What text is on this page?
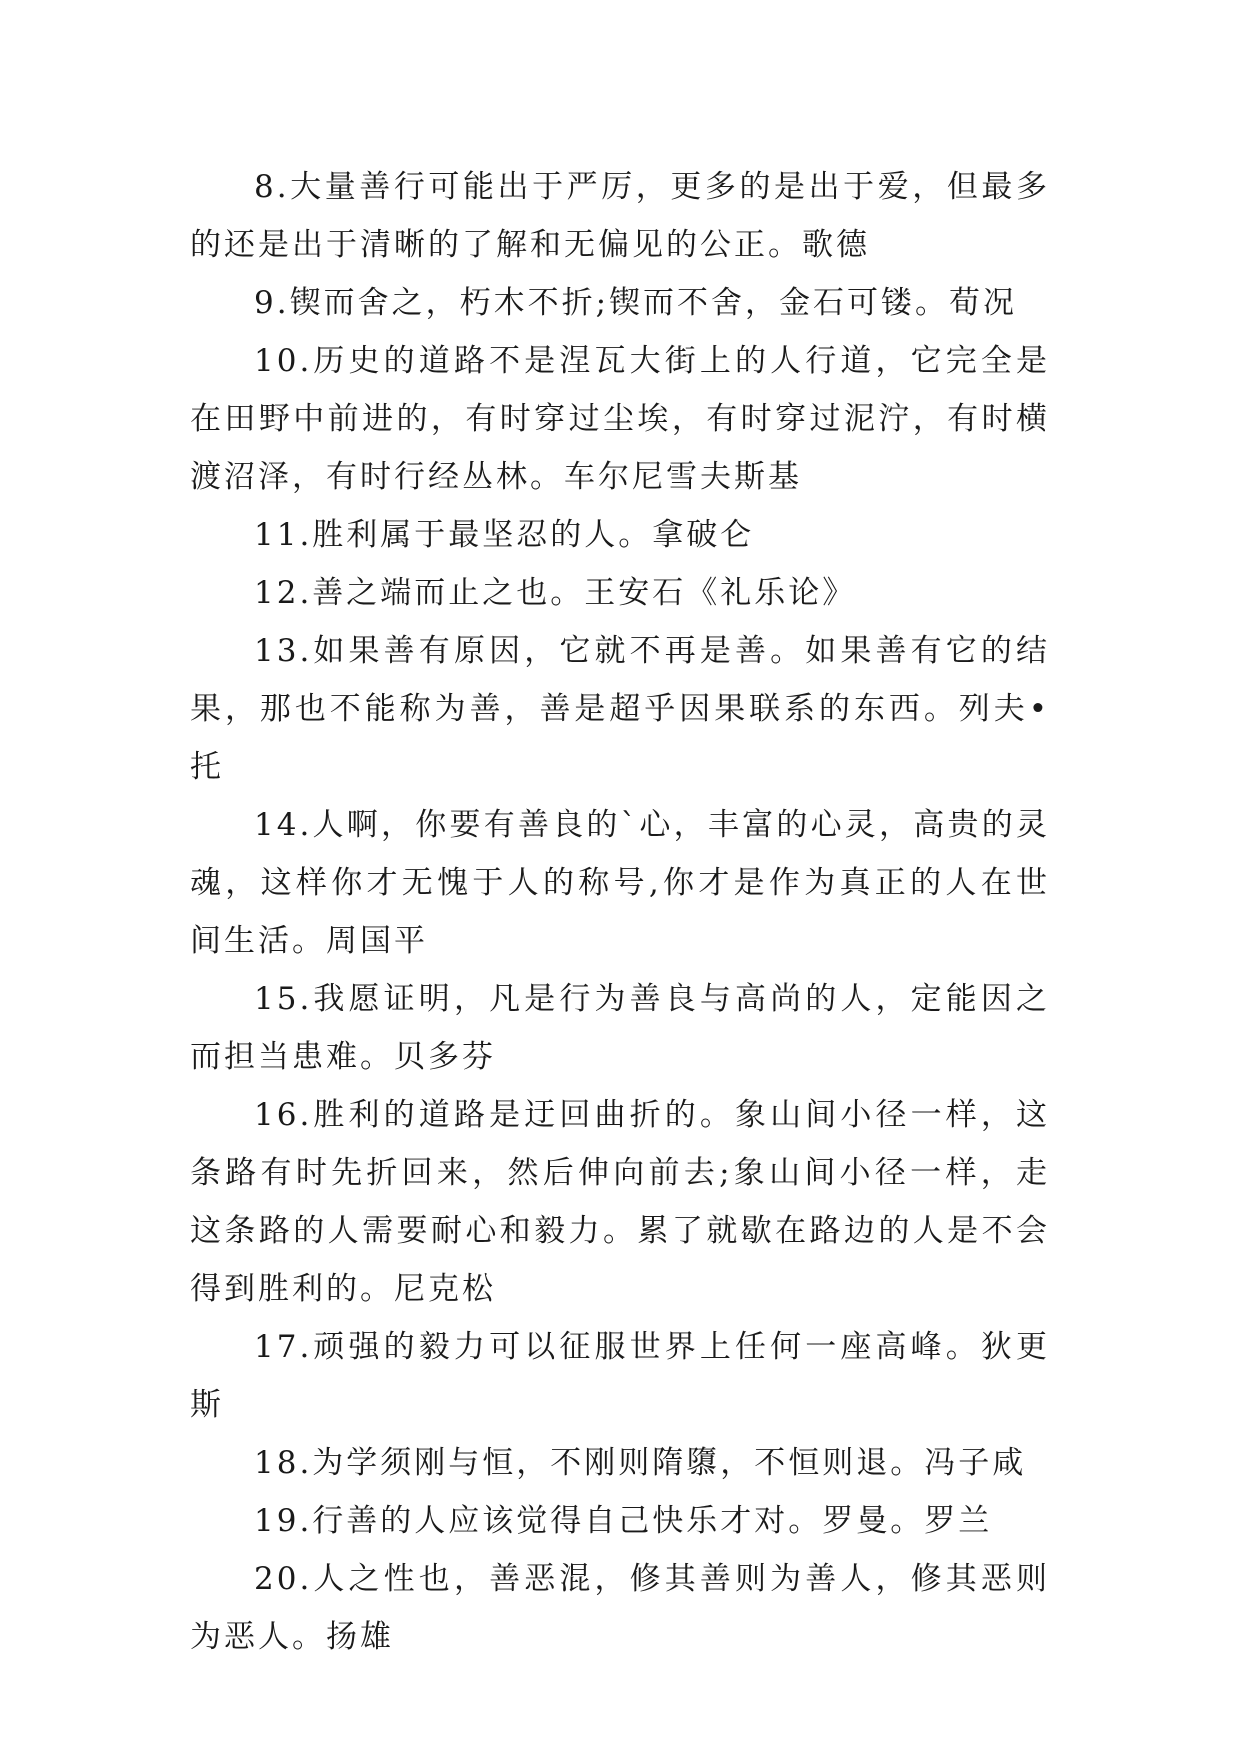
8.大量善行可能出于严厉，更多的是出于爱，但最多的还是出于清晰的了解和无偏见的公正。歌德

9.锲而舍之，朽木不折;锲而不舍，金石可镂。荀况

10.历史的道路不是涅瓦大街上的人行道，它完全是在田野中前进的，有时穿过尘埃，有时穿过泥泞，有时横渡沼泽，有时行经丛林。车尔尼雪夫斯基

11.胜利属于最坚忍的人。拿破仑

12.善之端而止之也。王安石《礼乐论》

13.如果善有原因，它就不再是善。如果善有它的结果，那也不能称为善，善是超乎因果联系的东西。列夫•托

14.人啊，你要有善良的`心，丰富的心灵，高贵的灵魂，这样你才无愧于人的称号,你才是作为真正的人在世间生活。周国平

15.我愿证明，凡是行为善良与高尚的人，定能因之而担当患难。贝多芬

16.胜利的道路是迂回曲折的。象山间小径一样，这条路有时先折回来，然后伸向前去;象山间小径一样，走这条路的人需要耐心和毅力。累了就歇在路边的人是不会得到胜利的。尼克松

17.顽强的毅力可以征服世界上任何一座高峰。狄更斯

18.为学须刚与恒，不刚则隋隳，不恒则退。冯子咸

19.行善的人应该觉得自己快乐才对。罗曼。罗兰

20.人之性也，善恶混，修其善则为善人，修其恶则为恶人。扬雄
